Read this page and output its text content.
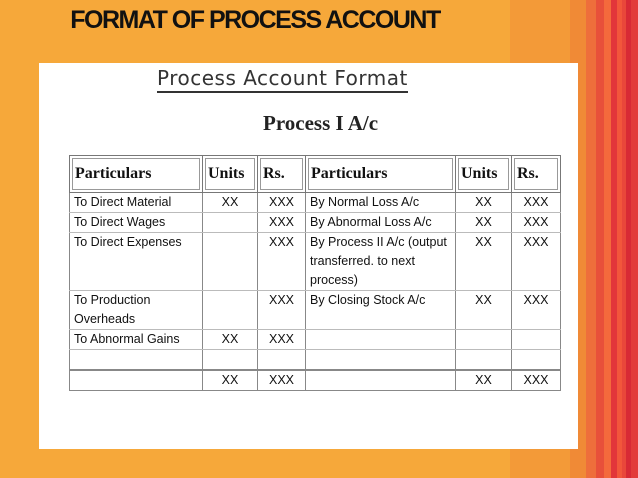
FORMAT OF PROCESS ACCOUNT
Process Account Format
Process I A/c
Particulars	Units	Rs.	Particulars	Units	Rs.
To Direct Material	XX	XXX	By Normal Loss A/c	XX	XXX
To Direct Wages		XXX	By Abnormal Loss A/c	XX	XXX
To Direct Expenses		XXX	By Process II A/c (output transferred. to next process)	XX	XXX
To Production Overheads		XXX	By Closing Stock A/c	XX	XXX
To Abnormal Gains	XX	XXX			

	XX	XXX		XX	XXX
